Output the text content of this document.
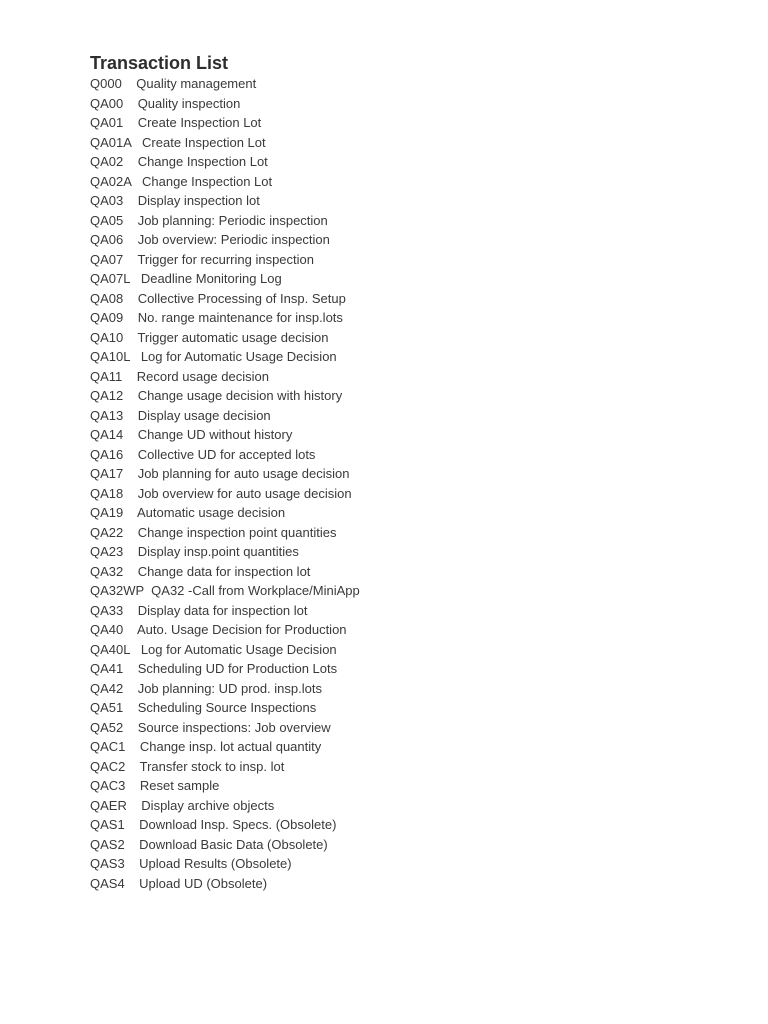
Transaction List
Q000    Quality management
QA00    Quality inspection
QA01    Create Inspection Lot
QA01A   Create Inspection Lot
QA02    Change Inspection Lot
QA02A   Change Inspection Lot
QA03    Display inspection lot
QA05    Job planning: Periodic inspection
QA06    Job overview: Periodic inspection
QA07    Trigger for recurring inspection
QA07L   Deadline Monitoring Log
QA08    Collective Processing of Insp. Setup
QA09    No. range maintenance for insp.lots
QA10    Trigger automatic usage decision
QA10L   Log for Automatic Usage Decision
QA11    Record usage decision
QA12    Change usage decision with history
QA13    Display usage decision
QA14    Change UD without history
QA16    Collective UD for accepted lots
QA17    Job planning for auto usage decision
QA18    Job overview for auto usage decision
QA19    Automatic usage decision
QA22    Change inspection point quantities
QA23    Display insp.point quantities
QA32    Change data for inspection lot
QA32WP  QA32 -Call from Workplace/MiniApp
QA33    Display data for inspection lot
QA40    Auto. Usage Decision for Production
QA40L   Log for Automatic Usage Decision
QA41    Scheduling UD for Production Lots
QA42    Job planning: UD prod. insp.lots
QA51    Scheduling Source Inspections
QA52    Source inspections: Job overview
QAC1    Change insp. lot actual quantity
QAC2    Transfer stock to insp. lot
QAC3    Reset sample
QAER    Display archive objects
QAS1    Download Insp. Specs. (Obsolete)
QAS2    Download Basic Data (Obsolete)
QAS3    Upload Results (Obsolete)
QAS4    Upload UD (Obsolete)
